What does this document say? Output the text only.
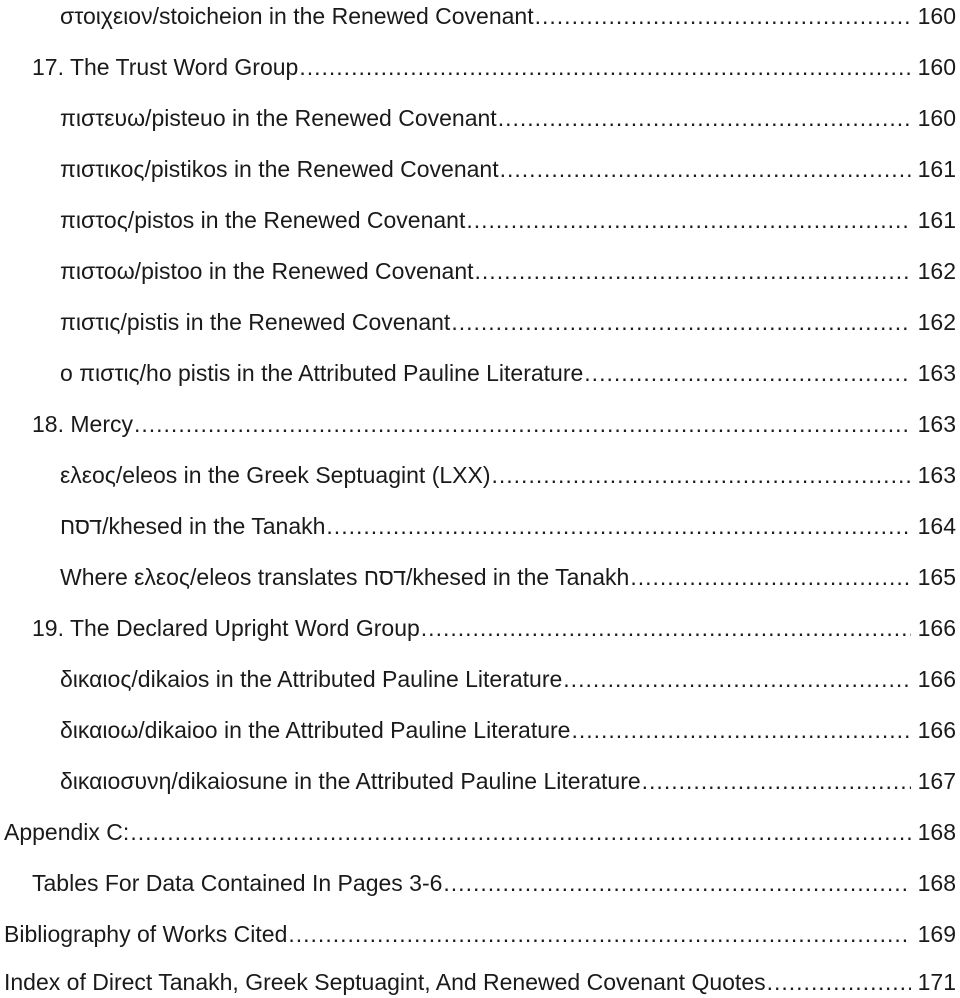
στοιχειον/stoicheion in the Renewed Covenant .....	160
17. The Trust Word Group .....	160
πιστευω/pisteuo in the Renewed Covenant .....	160
πιστικος/pistikos in the Renewed Covenant .....	161
πιστος/pistos in the Renewed Covenant .....	161
πιστοω/pistoo in the Renewed Covenant .....	162
πιστις/pistis in the Renewed Covenant .....	162
ο πιστις/ho pistis in the Attributed Pauline Literature .....	163
18. Mercy .....	163
ελεος/eleos in the Greek Septuagint (LXX) .....	163
דסח/khesed in the Tanakh .....	164
Where ελεος/eleos translates דסח/khesed in the Tanakh .....	165
19. The Declared Upright Word Group .....	166
δικαιος/dikaios in the Attributed Pauline Literature .....	166
δικαιοω/dikaioo in the Attributed Pauline Literature .....	166
δικαιοσυνη/dikaiosune in the Attributed Pauline Literature .....	167
Appendix C: .....	168
Tables For Data Contained In Pages 3-6 .....	168
Bibliography of Works Cited .....	169
Index of Direct Tanakh, Greek Septuagint, And Renewed Covenant Quotes .....	171
